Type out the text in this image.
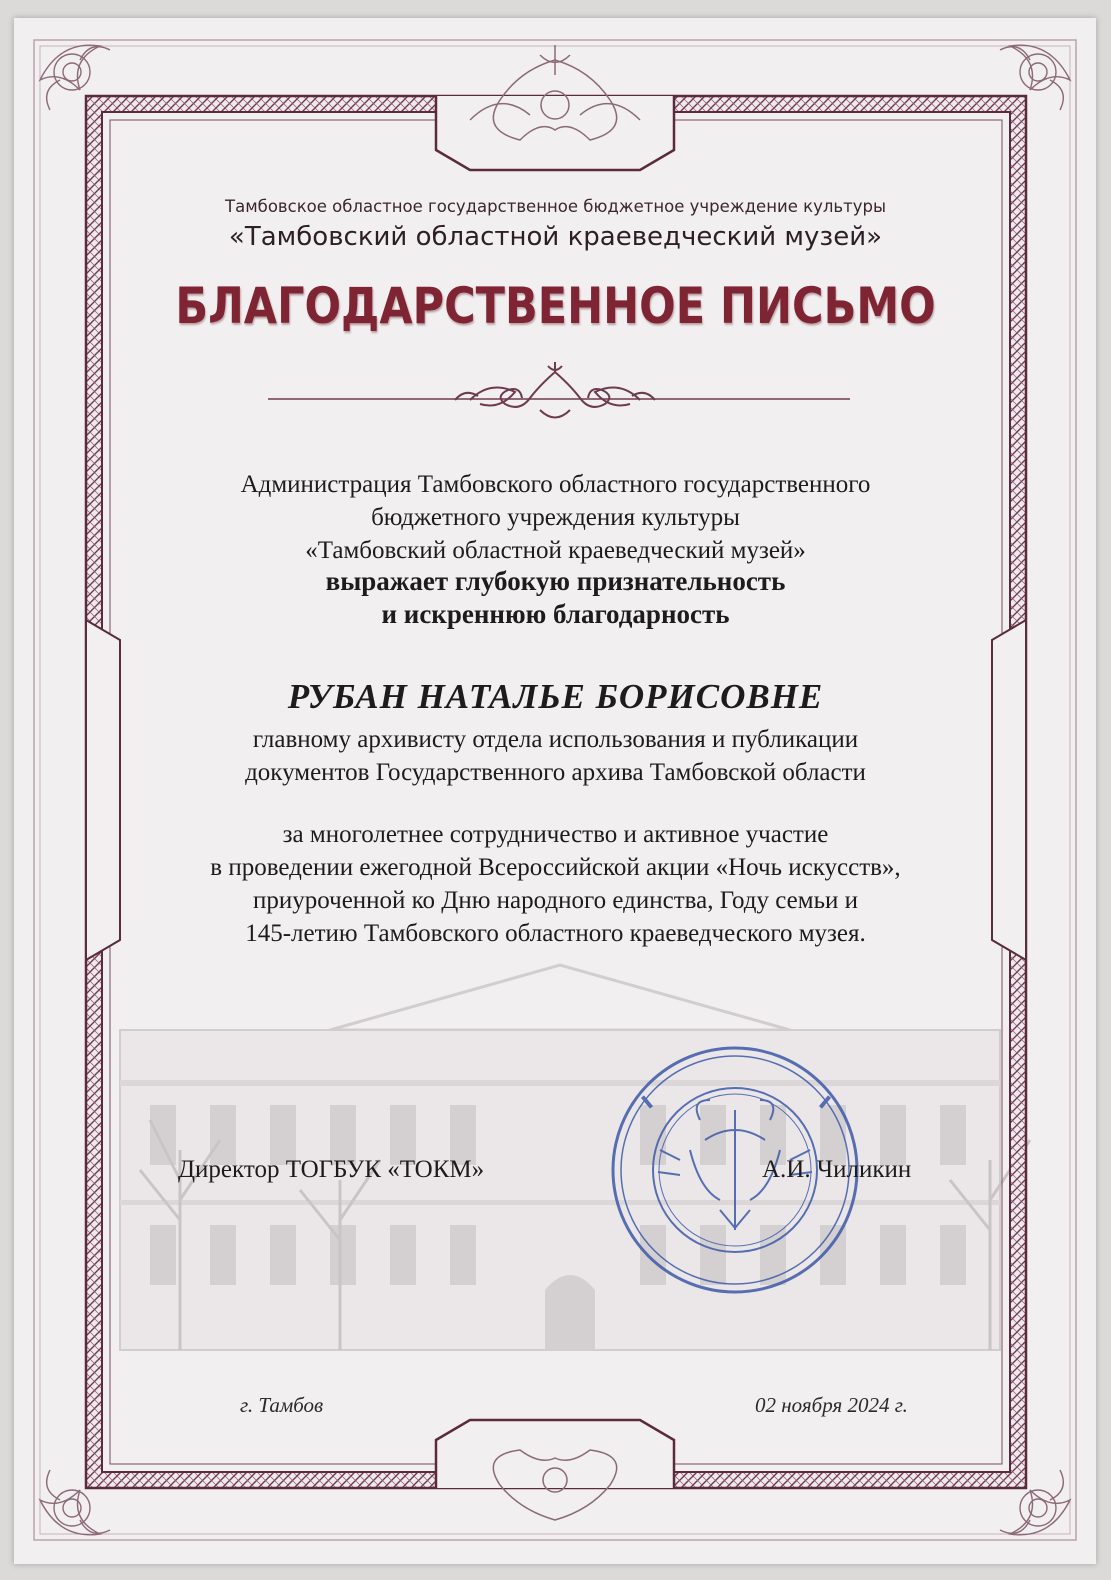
Тамбовское областное государственное бюджетное учреждение культуры
«Тамбовский областной краеведческий музей»
БЛАГОДАРСТВЕННОЕ ПИСЬМО
Администрация Тамбовского областного государственного
бюджетного учреждения культуры
«Тамбовский областной краеведческий музей»
выражает глубокую признательность
и искреннюю благодарность
РУБАН НАТАЛЬЕ БОРИСОВНЕ
главному архивисту отдела использования и публикации
документов Государственного архива Тамбовской области
за многолетнее сотрудничество и активное участие
в проведении ежегодной Всероссийской акции «Ночь искусств»,
приуроченной ко Дню народного единства, Году семьи и
145-летию Тамбовского областного краеведческого музея.
Директор ТОГБУК «ТОКМ»	А.И. Чиликин
г. Тамбов	02 ноября 2024 г.
